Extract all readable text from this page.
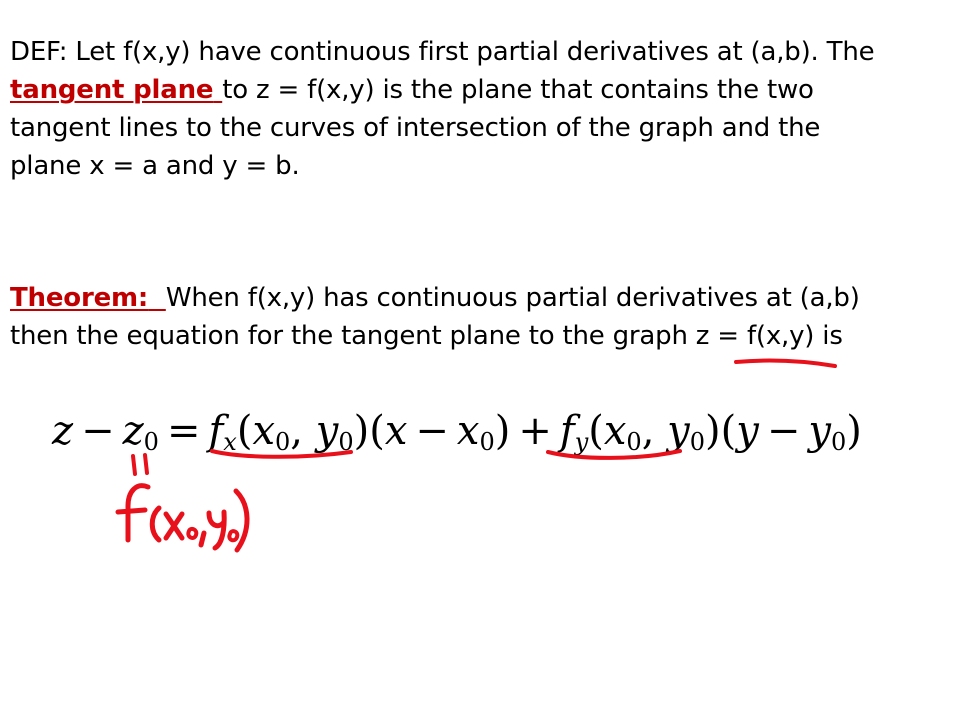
DEF: Let f(x,y) have continuous first partial derivatives at (a,b). The
tangent plane to z = f(x,y) is the plane that contains the two
tangent lines to the curves of intersection of the graph and the
plane x = a and y = b.
Theorem: When f(x,y) has continuous partial derivatives at (a,b)
then the equation for the tangent plane to the graph z = f(x,y) is
$z - z_0 = f_x(x_0$, $y_0)(x - x_0) + f_y(x_0$, $y_0)(y - y_0)$
